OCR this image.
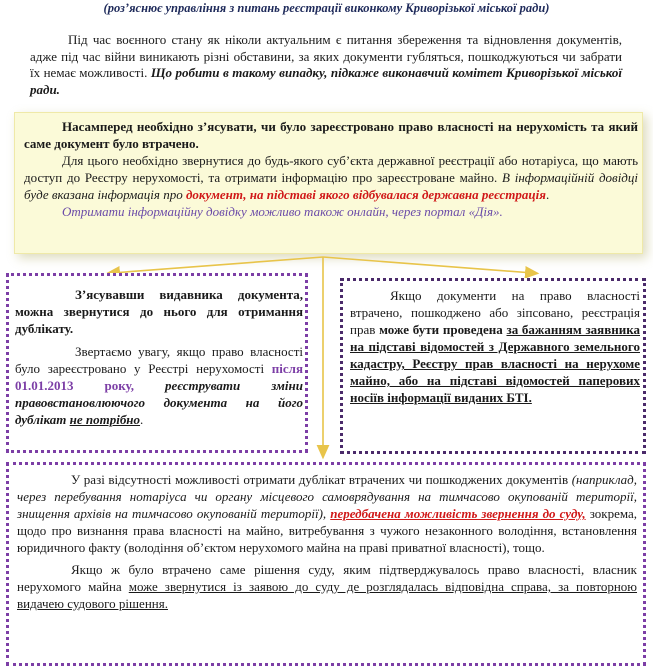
(роз’яснює управління з питань реєстрації виконкому Криворізької міської ради)

Під час воєнного стану як ніколи актуальним є питання збереження та відновлення документів, адже під час війни виникають різні обставини, за яких документи губляться, пошкоджуються чи забрати їх немає можливості. Що робити в такому випадку, підкаже виконавчий комітет Криворізької міської ради.

Насамперед необхідно з’ясувати, чи було зареєстровано право власності на нерухомість та який саме документ було втрачено.

Для цього необхідно звернутися до будь-якого суб’єкта державної реєстрації або нотаріуса, що мають доступ до Реєстру нерухомості, та отримати інформацію про зареєстроване майно. В інформаційній довідці буде вказана інформація про документ, на підставі якого відбувалася державна реєстрація.

Отримати інформаційну довідку можливо також онлайн, через портал «Дія».

З’ясувавши видавника документа, можна звернутися до нього для отримання дублікату.

Звертаємо увагу, якщо право власності було зареєстровано у Реєстрі нерухомості після 01.01.2013 року, реєструвати зміни правовстановлюючого документа на його дублікат не потрібно.

Якщо документи на право власності втрачено, пошкоджено або зіпсовано, реєстрація прав може бути проведена за бажанням заявника на підставі відомостей з Державного земельного кадастру, Реєстру прав власності на нерухоме майно, або на підставі відомостей паперових носіїв інформації виданих БТІ.

У разі відсутності можливості отримати дублікат втрачених чи пошкоджених документів (наприклад, через перебування нотаріуса чи органу місцевого самоврядування на тимчасово окупованій території, знищення архівів на тимчасово окупованій території), передбачена можливість звернення до суду, зокрема, щодо про визнання права власності на майно, витребування з чужого незаконного володіння, встановлення юридичного факту (володіння об’єктом нерухомого майна на праві приватної власності), тощо.

Якщо ж було втрачено саме рішення суду, яким підтверджувалось право власності, власник нерухомого майна може звернутися із заявою до суду де розглядалась відповідна справа, за повторною видачею судового рішення.
